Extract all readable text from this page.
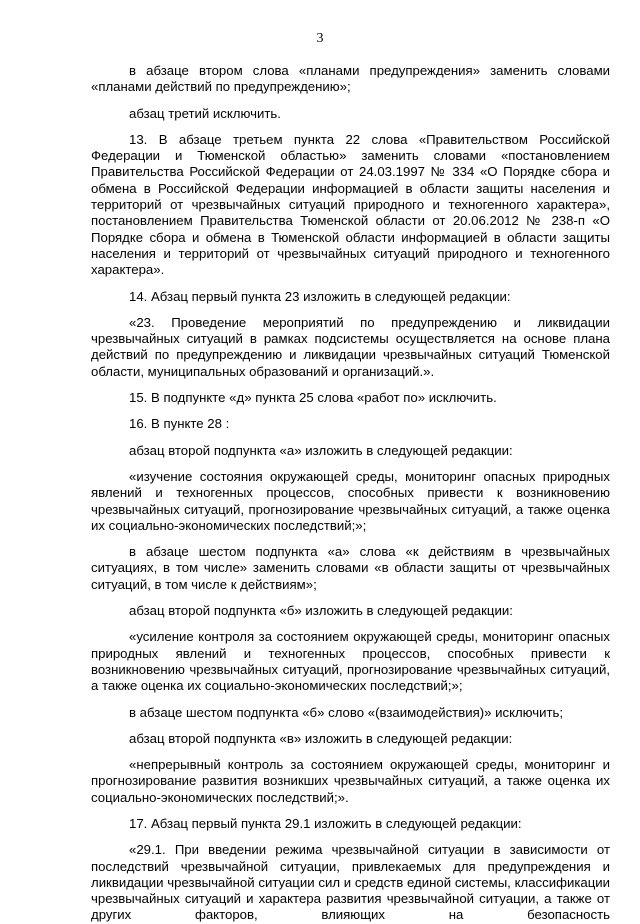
3

в абзаце втором слова «планами предупреждения» заменить словами «планами действий по предупреждению»;

абзац третий исключить.

13. В абзаце третьем пункта 22 слова «Правительством Российской Федерации и Тюменской областью» заменить словами «постановлением Правительства Российской Федерации от 24.03.1997 № 334 «О Порядке сбора и обмена в Российской Федерации информацией в области защиты населения и территорий от чрезвычайных ситуаций природного и техногенного характера», постановлением Правительства Тюменской области от 20.06.2012 № 238-п «О Порядке сбора и обмена в Тюменской области информацией в области защиты населения и территорий от чрезвычайных ситуаций природного и техногенного характера».

14. Абзац первый пункта 23 изложить в следующей редакции:

«23. Проведение мероприятий по предупреждению и ликвидации чрезвычайных ситуаций в рамках подсистемы осуществляется на основе плана действий по предупреждению и ликвидации чрезвычайных ситуаций Тюменской области, муниципальных образований и организаций.».

15. В подпункте «д» пункта 25 слова «работ по» исключить.

16. В пункте 28 :

абзац второй подпункта «а» изложить в следующей редакции:

«изучение состояния окружающей среды, мониторинг опасных природных явлений и техногенных процессов, способных привести к возникновению чрезвычайных ситуаций, прогнозирование чрезвычайных ситуаций, а также оценка их социально-экономических последствий;»;

в абзаце шестом подпункта «а» слова «к действиям в чрезвычайных ситуациях, в том числе» заменить словами «в области защиты от чрезвычайных ситуаций, в том числе к действиям»;

абзац второй подпункта «б» изложить в следующей редакции:

«усиление контроля за состоянием окружающей среды, мониторинг опасных природных явлений и техногенных процессов, способных привести к возникновению чрезвычайных ситуаций, прогнозирование чрезвычайных ситуаций, а также оценка их социально-экономических последствий;»;

в абзаце шестом подпункта «б» слово «(взаимодействия)» исключить;

абзац второй подпункта «в» изложить в следующей редакции:

«непрерывный контроль за состоянием окружающей среды, мониторинг и прогнозирование развития возникших чрезвычайных ситуаций, а также оценка их социально-экономических последствий;».

17. Абзац первый пункта 29.1 изложить в следующей редакции:

«29.1. При введении режима чрезвычайной ситуации в зависимости от последствий чрезвычайной ситуации, привлекаемых для предупреждения и ликвидации чрезвычайной ситуации сил и средств единой системы, классификации чрезвычайных ситуаций и характера развития чрезвычайной ситуации, а также от других факторов, влияющих на безопасность
